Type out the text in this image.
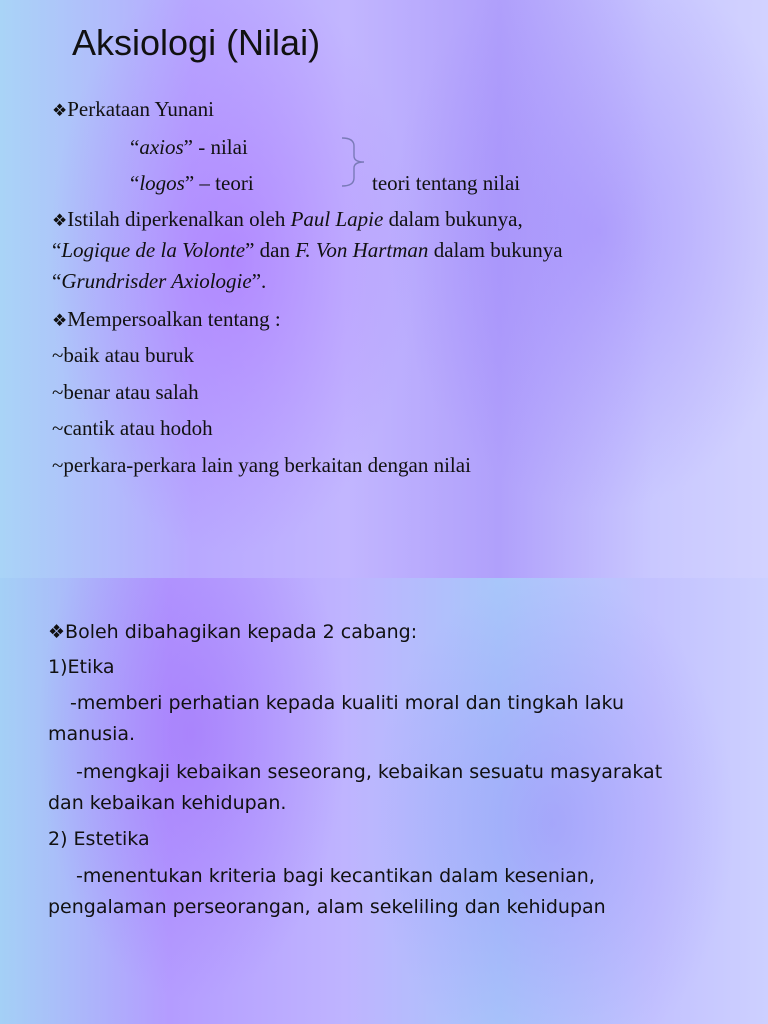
Aksiologi (Nilai)
❖Perkataan Yunani
“axios” - nilai
“logos” – teori	teori tentang nilai
❖Istilah diperkenalkan oleh Paul Lapie dalam bukunya,
“Logique de la Volonte” dan F. Von Hartman dalam bukunya
“Grundrisder Axiologie”.
❖Mempersoalkan tentang :
~baik atau buruk
~benar atau salah
~cantik atau hodoh
~perkara-perkara lain yang berkaitan dengan nilai
❖Boleh dibahagikan kepada 2 cabang:
1)Etika
-memberi perhatian kepada kualiti moral dan tingkah laku
manusia.
-mengkaji kebaikan seseorang, kebaikan sesuatu masyarakat
dan kebaikan kehidupan.
2) Estetika
-menentukan kriteria bagi kecantikan dalam kesenian,
pengalaman perseorangan, alam sekeliling dan kehidupan
